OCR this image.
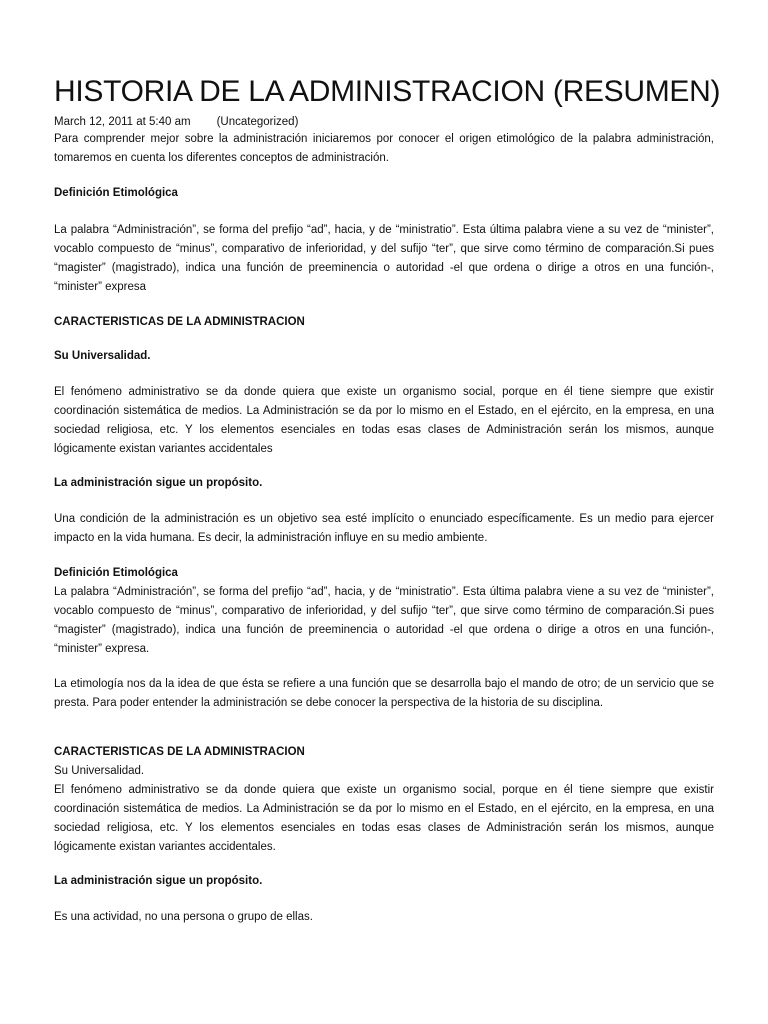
HISTORIA DE LA ADMINISTRACION (RESUMEN)
March 12, 2011 at 5:40 am (Uncategorized)

Para comprender mejor sobre la administración iniciaremos por conocer el origen etimológico de la palabra administración, tomaremos en cuenta los diferentes conceptos de administración.

Definición Etimológica

La palabra “Administración”, se forma del prefijo “ad”, hacia, y de “ministratio”. Esta última palabra viene a su vez de “minister”, vocablo compuesto de “minus”, comparativo de inferioridad, y del sufijo “ter”, que sirve como término de comparación.Si pues “magister” (magistrado), indica una función de preeminencia o autoridad -el que ordena o dirige a otros en una función-, “minister” expresa

CARACTERISTICAS DE LA ADMINISTRACION
Su Universalidad.

El fenómeno administrativo se da donde quiera que existe un organismo social, porque en él tiene siempre que existir coordinación sistemática de medios. La Administración se da por lo mismo en el Estado, en el ejército, en la empresa, en una sociedad religiosa, etc. Y los elementos esenciales en todas esas clases de Administración serán los mismos, aunque lógicamente existan variantes accidentales

La administración sigue un propósito.

Una condición de la administración es un objetivo sea esté implícito o enunciado específicamente. Es un medio para ejercer impacto en la vida humana. Es decir, la administración influye en su medio ambiente.

Definición Etimológica

La palabra “Administración”, se forma del prefijo “ad”, hacia, y de “ministratio”. Esta última palabra viene a su vez de “minister”, vocablo compuesto de “minus”, comparativo de inferioridad, y del sufijo “ter”, que sirve como término de comparación.Si pues “magister” (magistrado), indica una función de preeminencia o autoridad -el que ordena o dirige a otros en una función-, “minister” expresa.

La etimología nos da la idea de que ésta se refiere a una función que se desarrolla bajo el mando de otro; de un servicio que se presta. Para poder entender la administración se debe conocer la perspectiva de la historia de su disciplina.

CARACTERISTICAS DE LA ADMINISTRACION
Su Universalidad.

El fenómeno administrativo se da donde quiera que existe un organismo social, porque en él tiene siempre que existir coordinación sistemática de medios. La Administración se da por lo mismo en el Estado, en el ejército, en la empresa, en una sociedad religiosa, etc. Y los elementos esenciales en todas esas clases de Administración serán los mismos, aunque lógicamente existan variantes accidentales.

La administración sigue un propósito.

Es una actividad, no una persona o grupo de ellas.
